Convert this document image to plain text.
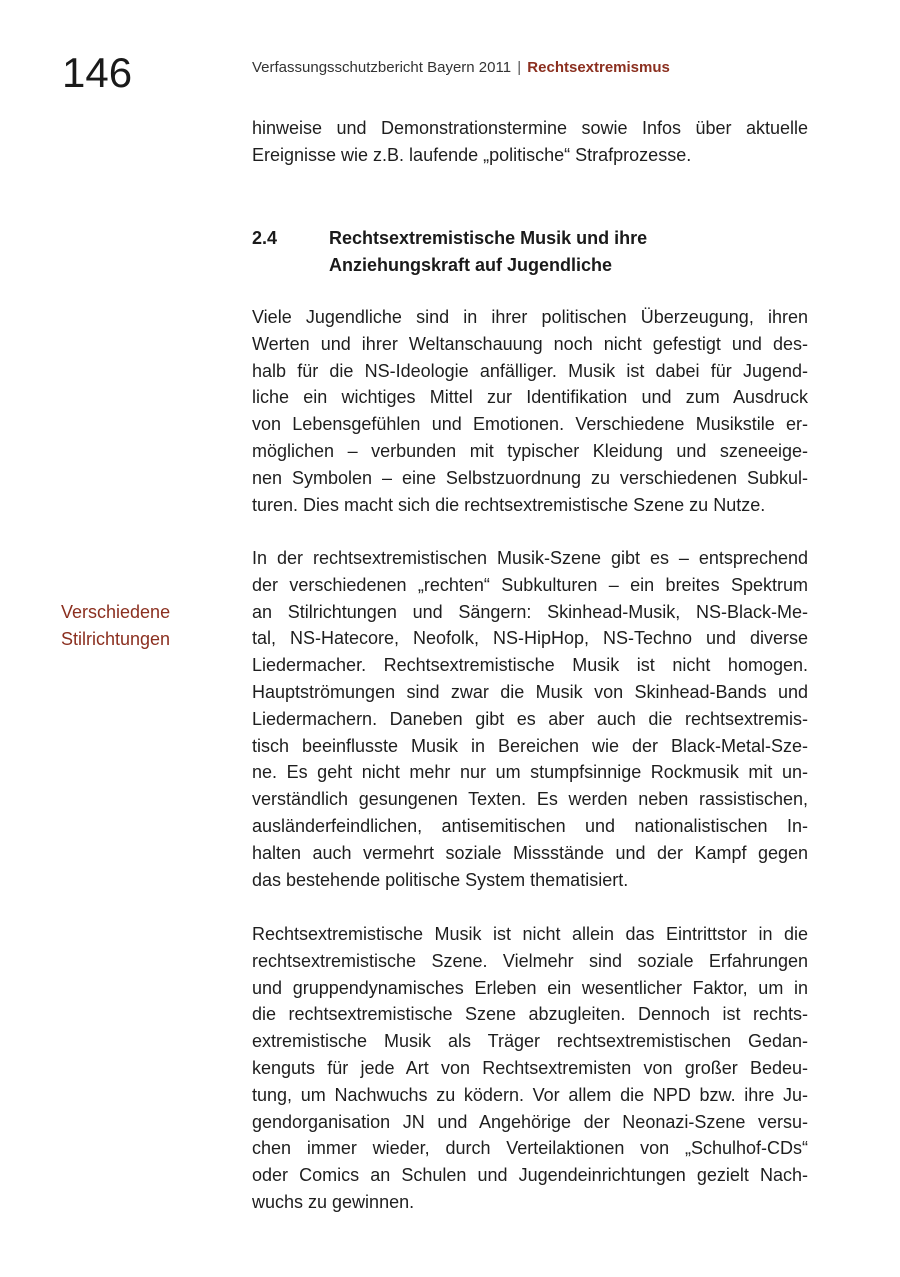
146	Verfassungsschutzbericht Bayern 2011 | Rechtsextremismus

hinweise und Demonstrationstermine sowie Infos über aktuelle
Ereignisse wie z.B. laufende „politische“ Strafprozesse.

2.4	Rechtsextremistische Musik und ihre
Anziehungskraft auf Jugendliche
Verschiedene
Stilrichtungen

Viele Jugendliche sind in ihrer politischen Überzeugung, ihren
Werten und ihrer Weltanschauung noch nicht gefestigt und des-
halb für die NS-Ideologie anfälliger. Musik ist dabei für Jugend-
liche ein wichtiges Mittel zur Identifikation und zum Ausdruck
von Lebensgefühlen und Emotionen. Verschiedene Musikstile er-
möglichen – verbunden mit typischer Kleidung und szeneeige-
nen Symbolen – eine Selbstzuordnung zu verschiedenen Subkul-
turen. Dies macht sich die rechtsextremistische Szene zu Nutze.

In der rechtsextremistischen Musik-Szene gibt es – entsprechend
der verschiedenen „rechten“ Subkulturen – ein breites Spektrum
an Stilrichtungen und Sängern: Skinhead-Musik, NS-Black-Me-
tal, NS-Hatecore, Neofolk, NS-HipHop, NS-Techno und diverse
Liedermacher. Rechtsextremistische Musik ist nicht homogen.
Hauptströmungen sind zwar die Musik von Skinhead-Bands und
Liedermachern. Daneben gibt es aber auch die rechtsextremis-
tisch beeinflusste Musik in Bereichen wie der Black-Metal-Sze-
ne. Es geht nicht mehr nur um stumpfsinnige Rockmusik mit un-
verständlich gesungenen Texten. Es werden neben rassistischen,
ausländerfeindlichen, antisemitischen und nationalistischen In-
halten auch vermehrt soziale Missstände und der Kampf gegen
das bestehende politische System thematisiert.

Rechtsextremistische Musik ist nicht allein das Eintrittstor in die
rechtsextremistische Szene. Vielmehr sind soziale Erfahrungen
und gruppendynamisches Erleben ein wesentlicher Faktor, um in
die rechtsextremistische Szene abzugleiten. Dennoch ist rechts-
extremistische Musik als Träger rechtsextremistischen Gedan-
kenguts für jede Art von Rechtsextremisten von großer Bedeu-
tung, um Nachwuchs zu ködern. Vor allem die NPD bzw. ihre Ju-
gendorganisation JN und Angehörige der Neonazi-Szene versu-
chen immer wieder, durch Verteilaktionen von „Schulhof-CDs“
oder Comics an Schulen und Jugendeinrichtungen gezielt Nach-
wuchs zu gewinnen.
